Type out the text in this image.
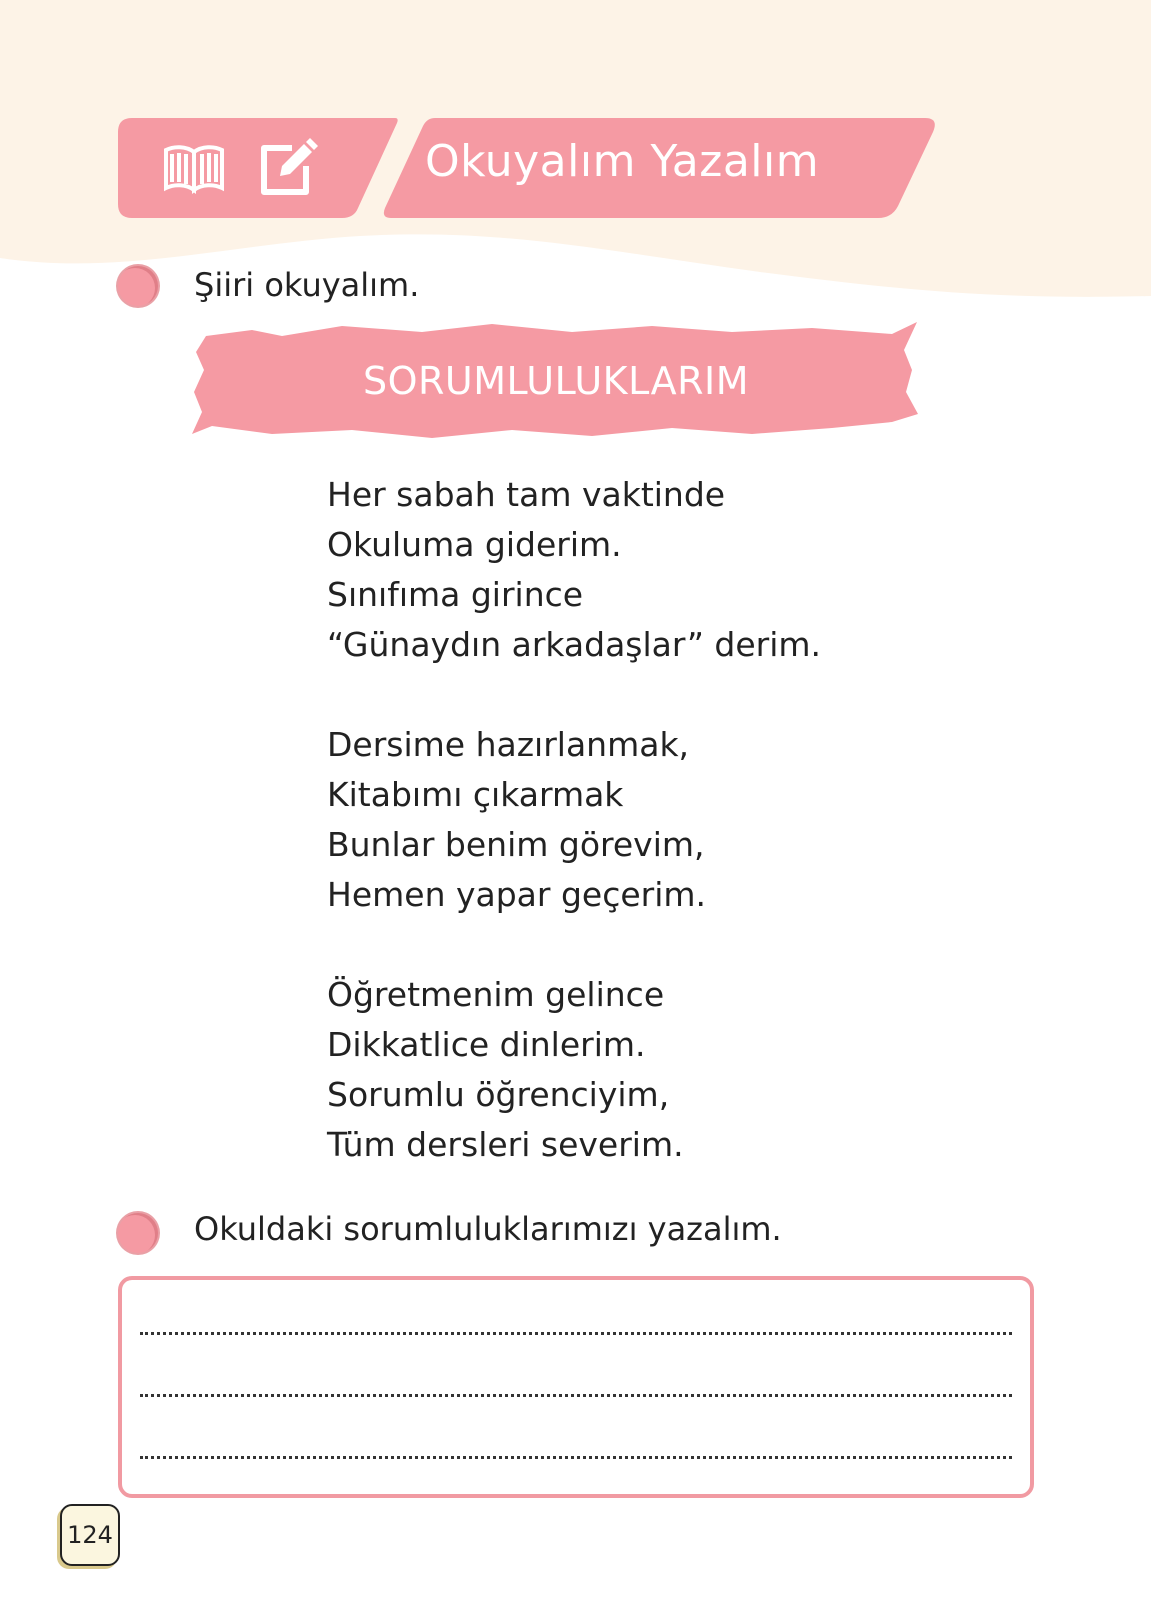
Okuyalım Yazalım
Şiiri okuyalım.
SORUMLULUKLARIM
Her sabah tam vaktinde
Okuluma giderim.
Sınıfıma girince
“Günaydın arkadaşlar” derim.
Dersime hazırlanmak,
Kitabımı çıkarmak
Bunlar benim görevim,
Hemen yapar geçerim.
Öğretmenim gelince
Dikkatlice dinlerim.
Sorumlu öğrenciyim,
Tüm dersleri severim.
Okuldaki sorumluluklarımızı yazalım.
124
